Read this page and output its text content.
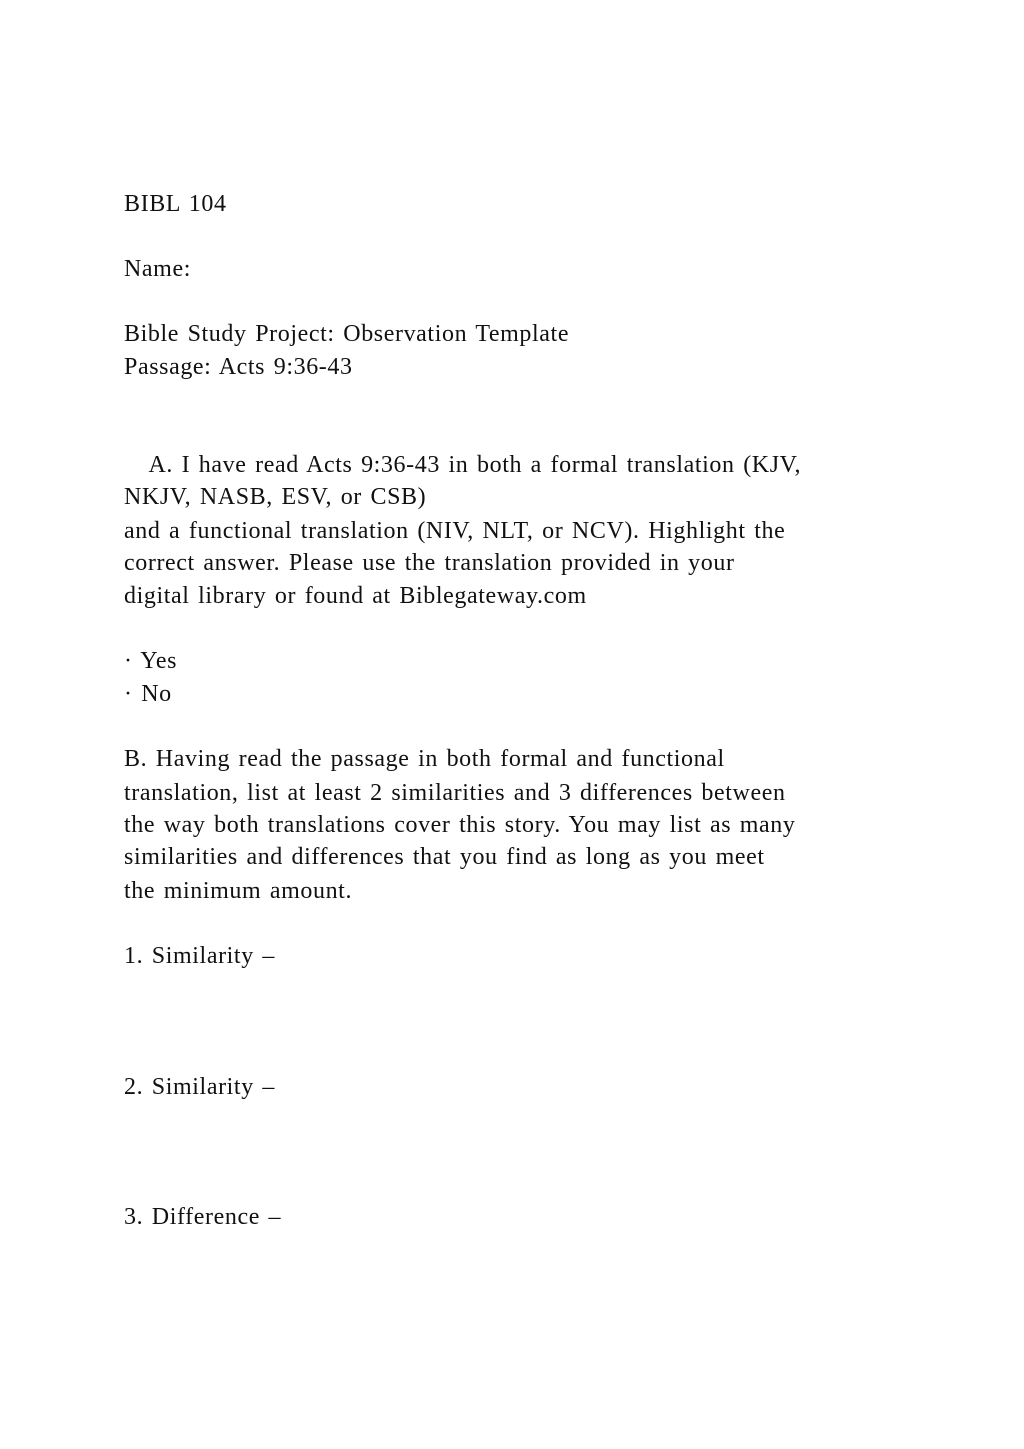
BIBL 104
Name:
Bible Study Project: Observation Template
Passage: Acts 9:36-43
A. I have read Acts 9:36-43 in both a formal translation (KJV,
NKJV, NASB, ESV, or CSB)
and a functional translation (NIV, NLT, or NCV). Highlight the
correct answer. Please use the translation provided in your
digital library or found at Biblegateway.com
· Yes
· No
B. Having read the passage in both formal and functional
translation, list at least 2 similarities and 3 differences between
the way both translations cover this story. You may list as many
similarities and differences that you find as long as you meet
the minimum amount.
1. Similarity –
2. Similarity –
3. Difference –
